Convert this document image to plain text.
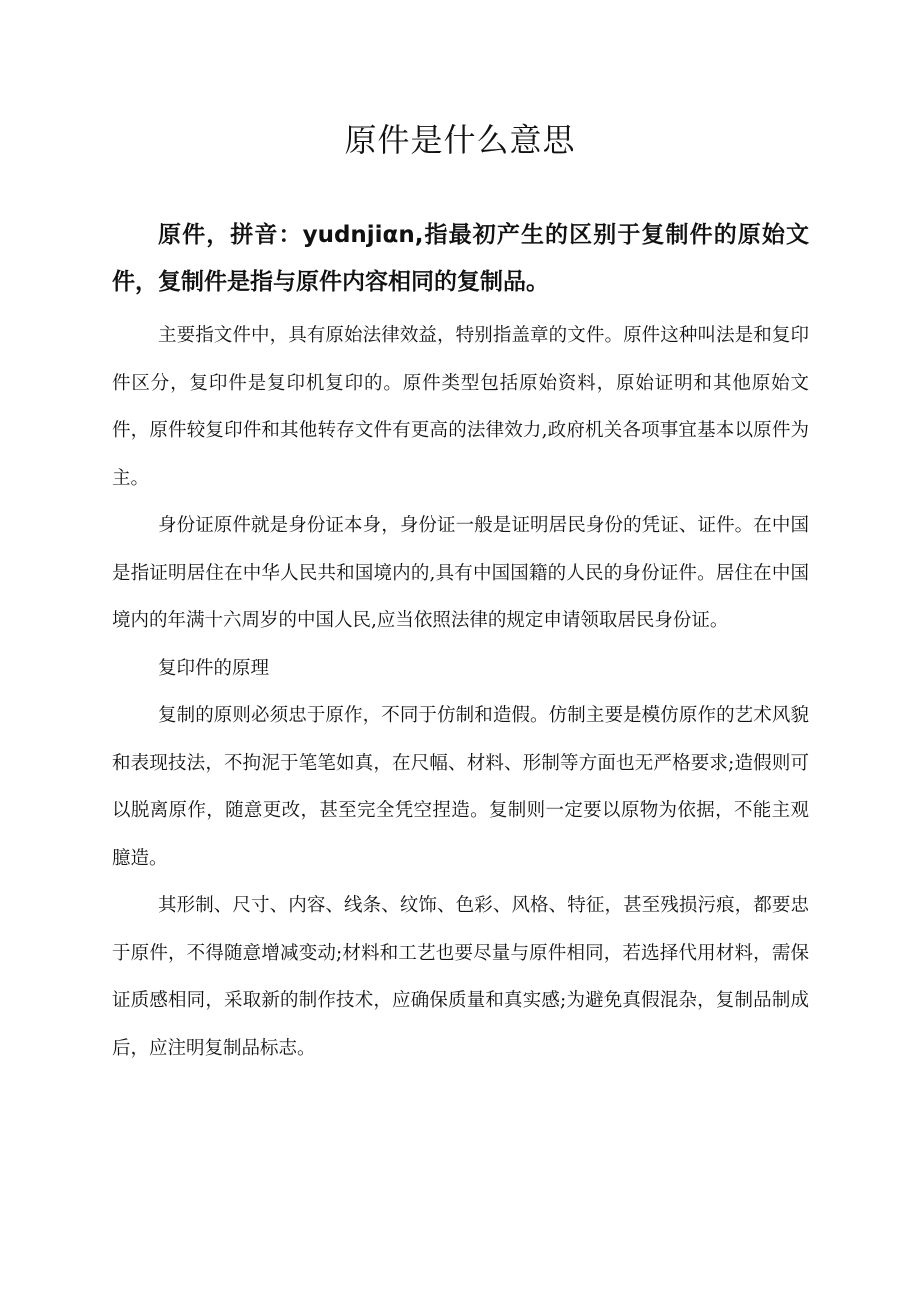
原件是什么意思

原件，拼音：yudnjiαn,指最初产生的区别于复制件的原始文件，复制件是指与原件内容相同的复制品。

主要指文件中，具有原始法律效益，特别指盖章的文件。原件这种叫法是和复印件区分，复印件是复印机复印的。原件类型包括原始资料，原始证明和其他原始文件，原件较复印件和其他转存文件有更高的法律效力,政府机关各项事宜基本以原件为主。

身份证原件就是身份证本身，身份证一般是证明居民身份的凭证、证件。在中国是指证明居住在中华人民共和国境内的,具有中国国籍的人民的身份证件。居住在中国境内的年满十六周岁的中国人民,应当依照法律的规定申请领取居民身份证。

复印件的原理

复制的原则必须忠于原作，不同于仿制和造假。仿制主要是模仿原作的艺术风貌和表现技法，不拘泥于笔笔如真，在尺幅、材料、形制等方面也无严格要求;造假则可以脱离原作，随意更改，甚至完全凭空捏造。复制则一定要以原物为依据，不能主观臆造。

其形制、尺寸、内容、线条、纹饰、色彩、风格、特征，甚至残损污痕，都要忠于原件，不得随意增减变动;材料和工艺也要尽量与原件相同，若选择代用材料，需保证质感相同，采取新的制作技术，应确保质量和真实感;为避免真假混杂，复制品制成后，应注明复制品标志。
